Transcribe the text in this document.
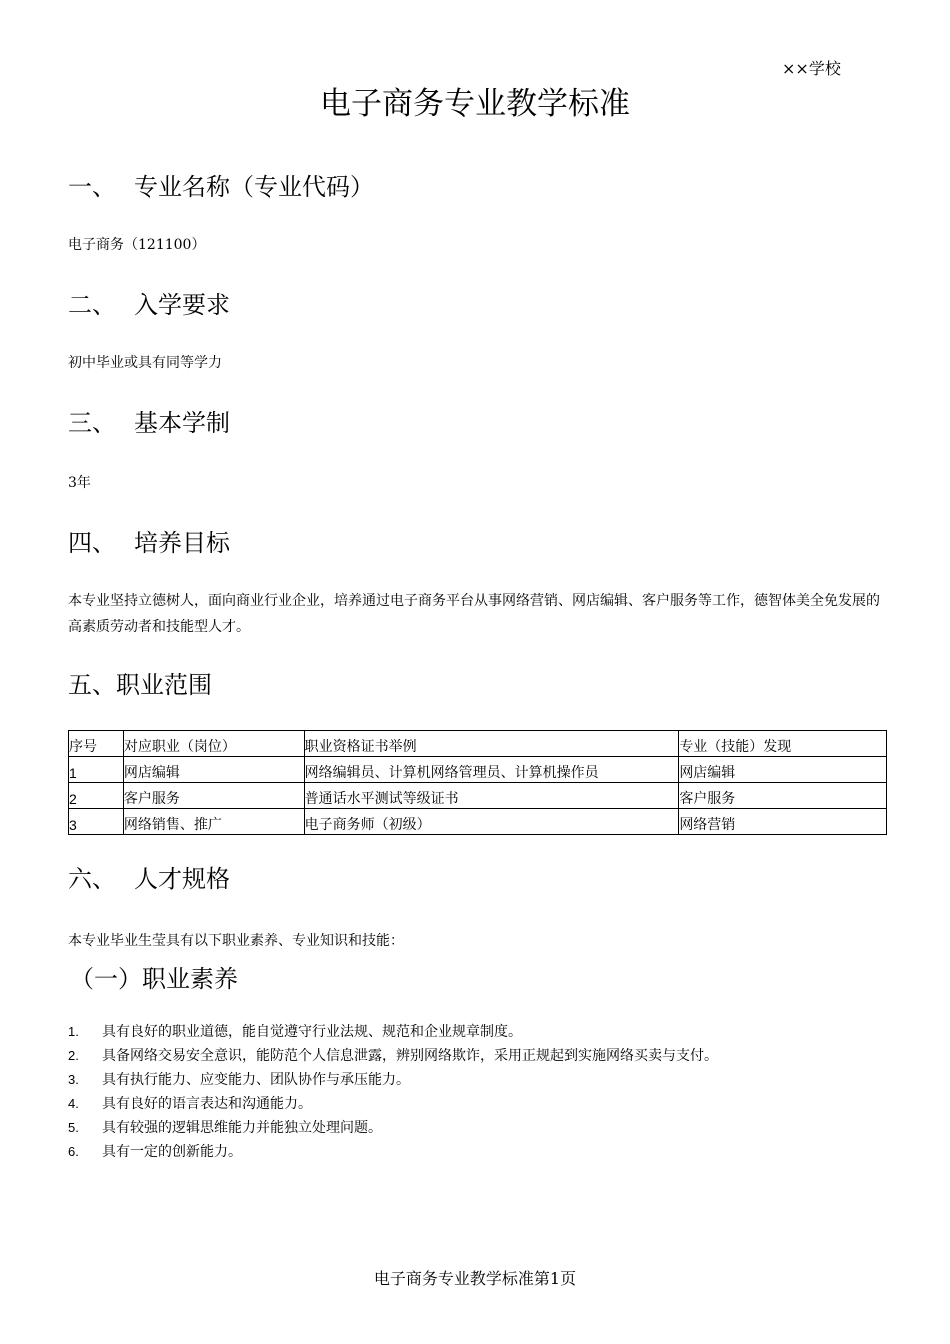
××学校
电子商务专业教学标准
一、 专业名称（专业代码）

电子商务（121100）

二、 入学要求

初中毕业或具有同等学力

三、 基本学制

3年

四、 培养目标

本专业坚持立德树人，面向商业行业企业，培养通过电子商务平台从事网络营销、网店编辑、客户服务等工作，德智体美全免发展的高素质劳动者和技能型人才。

五、职业范围
序号	对应职业（岗位）	职业资格证书举例	专业（技能）发现
1	网店编辑	网络编辑员、计算机网络管理员、计算机操作员	网店编辑
2	客户服务	普通话水平测试等级证书	客户服务
3	网络销售、推广	电子商务师（初级）	网络营销
六、 人才规格

本专业毕业生莹具有以下职业素养、专业知识和技能：

（一）职业素养
1. 具有良好的职业道德，能自觉遵守行业法规、规范和企业规章制度。
2. 具备网络交易安全意识，能防范个人信息泄露，辨别网络欺诈，采用正规起到实施网络买卖与支付。
3. 具有执行能力、应变能力、团队协作与承压能力。
4. 具有良好的语言表达和沟通能力。
5. 具有较强的逻辑思维能力并能独立处理问题。
6. 具有一定的创新能力。
电子商务专业教学标准第1页
